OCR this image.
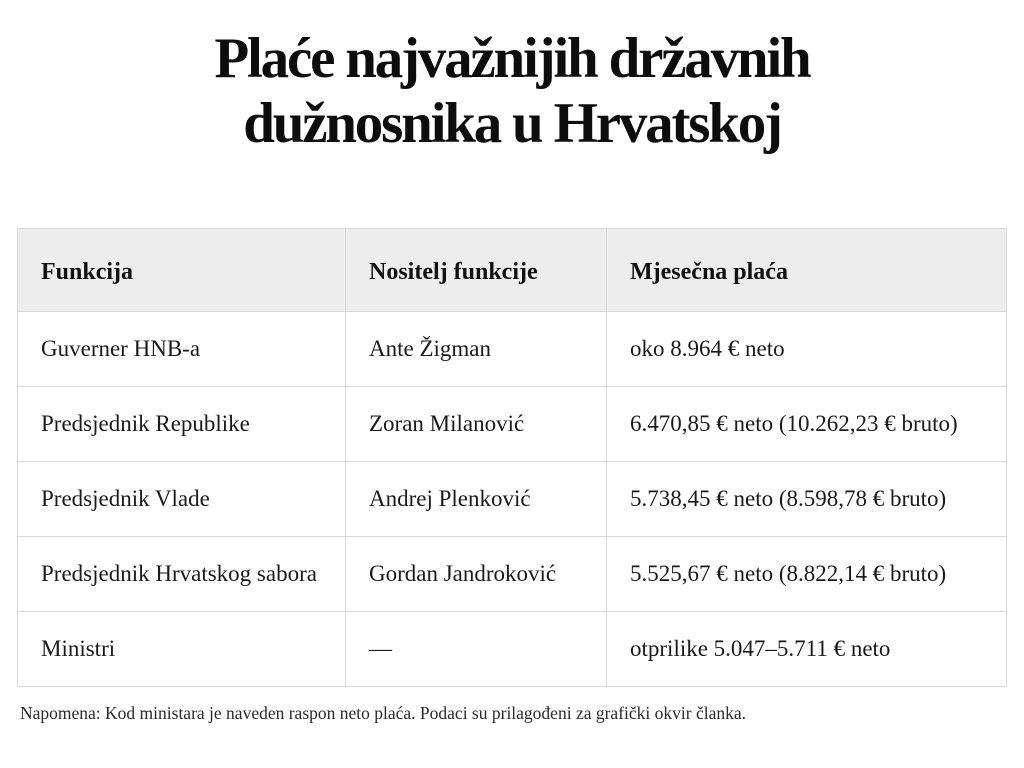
Plaće najvažnijih državnih
dužnosnika u Hrvatskoj
Funkcija	Nositelj funkcije	Mjesečna plaća
Guverner HNB-a	Ante Žigman	oko 8.964 € neto
Predsjednik Republike	Zoran Milanović	6.470,85 € neto (10.262,23 € bruto)
Predsjednik Vlade	Andrej Plenković	5.738,45 € neto (8.598,78 € bruto)
Predsjednik Hrvatskog sabora	Gordan Jandroković	5.525,67 € neto (8.822,14 € bruto)
Ministri	—	otprilike 5.047–5.711 € neto
Napomena: Kod ministara je naveden raspon neto plaća. Podaci su prilagođeni za grafički okvir članka.
